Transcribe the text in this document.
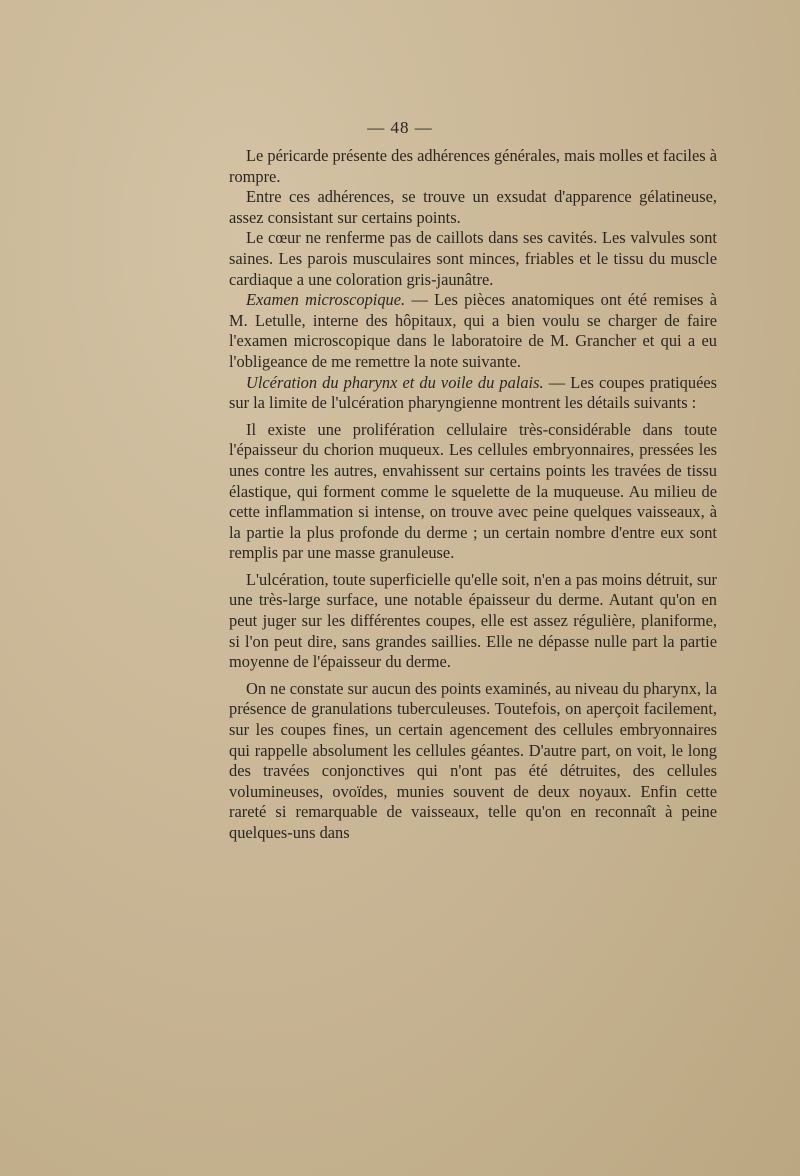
— 48 —

Le péricarde présente des adhérences générales, mais molles et faciles à rompre.

Entre ces adhérences, se trouve un exsudat d'apparence gélatineuse, assez consistant sur certains points.

Le cœur ne renferme pas de caillots dans ses cavités. Les valvules sont saines. Les parois musculaires sont minces, friables et le tissu du muscle cardiaque a une coloration gris-jaunâtre.

Examen microscopique. — Les pièces anatomiques ont été remises à M. Letulle, interne des hôpitaux, qui a bien voulu se charger de faire l'examen microscopique dans le laboratoire de M. Grancher et qui a eu l'obligeance de me remettre la note suivante.

Ulcération du pharynx et du voile du palais. — Les coupes pratiquées sur la limite de l'ulcération pharyngienne montrent les détails suivants :

Il existe une prolifération cellulaire très-considérable dans toute l'épaisseur du chorion muqueux. Les cellules embryonnaires, pressées les unes contre les autres, envahissent sur certains points les travées de tissu élastique, qui forment comme le squelette de la muqueuse. Au milieu de cette inflammation si intense, on trouve avec peine quelques vaisseaux, à la partie la plus profonde du derme ; un certain nombre d'entre eux sont remplis par une masse granuleuse.

L'ulcération, toute superficielle qu'elle soit, n'en a pas moins détruit, sur une très-large surface, une notable épaisseur du derme. Autant qu'on en peut juger sur les différentes coupes, elle est assez régulière, planiforme, si l'on peut dire, sans grandes saillies. Elle ne dépasse nulle part la partie moyenne de l'épaisseur du derme.

On ne constate sur aucun des points examinés, au niveau du pharynx, la présence de granulations tuberculeuses. Toutefois, on aperçoit facilement, sur les coupes fines, un certain agencement des cellules embryonnaires qui rappelle absolument les cellules géantes. D'autre part, on voit, le long des travées conjonctives qui n'ont pas été détruites, des cellules volumineuses, ovoïdes, munies souvent de deux noyaux. Enfin cette rareté si remarquable de vaisseaux, telle qu'on en reconnaît à peine quelques-uns dans
